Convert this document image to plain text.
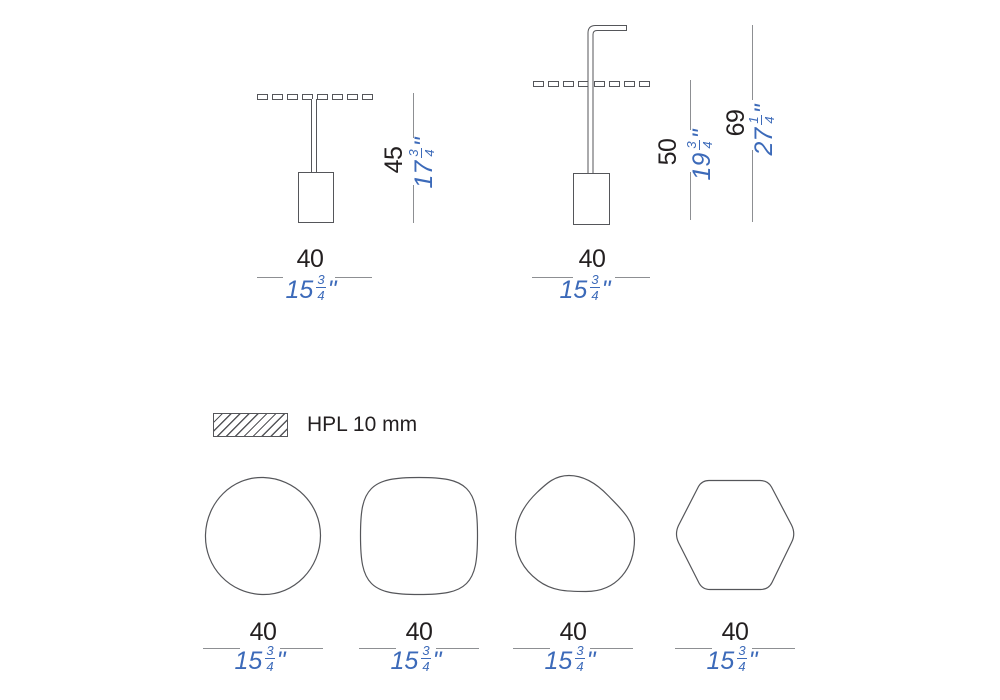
45
17
3 4
"
40
$15 \frac{3}{4}$ "
50
19
3 4
" 69
27
1 4
"
40
$15 \frac{3}{4}$ "
HPL 10 mm
40
$15 \frac{3}{4}$ "
40
$15 \frac{3}{4}$ "
40
$15 \frac{3}{4}$ "
40
$15 \frac{3}{4}$ "
